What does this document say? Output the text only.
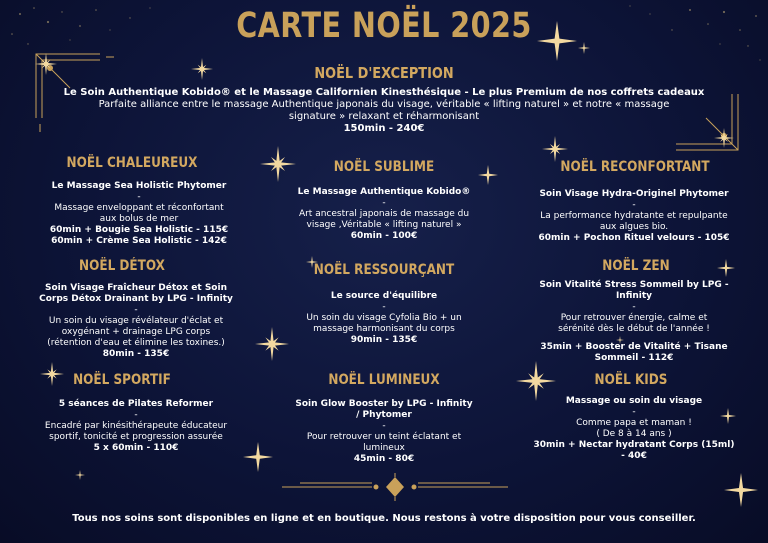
CARTE NOËL 2025
NOËL D'EXCEPTION
Le Soin Authentique Kobido® et le Massage Californien Kinesthésique - Le plus Premium de nos coffrets cadeaux
Parfaite alliance entre le massage Authentique japonais du visage, véritable « lifting naturel » et notre « massage
signature » relaxant et réharmonisant
150min - 240€
NOËL CHALEUREUX
Le Massage Sea Holistic Phytomer
-
Massage enveloppant et réconfortant
aux bolus de mer
60min + Bougie Sea Holistic - 115€
60min + Crème Sea Holistic - 142€
NOËL SUBLIME
Le Massage Authentique Kobido®
-
Art ancestral japonais de massage du
visage ,Véritable « lifting naturel »
60min - 100€
NOËL RECONFORTANT
Soin Visage Hydra-Originel Phytomer
-
La performance hydratante et repulpante
aux algues bio.
60min + Pochon Rituel velours - 105€
NOËL DÉTOX
Soin Visage Fraîcheur Détox et Soin
Corps Détox Drainant by LPG - Infinity
-
Un soin du visage révélateur d'éclat et
oxygénant + drainage LPG corps
(rétention d'eau et élimine les toxines.)
80min - 135€
NOËL RESSOURÇANT
Le source d'équilibre
-
Un soin du visage Cyfolia Bio + un
massage harmonisant du corps
90min - 135€
NOËL ZEN
Soin Vitalité Stress Sommeil by LPG -
Infinity
-
Pour retrouver énergie, calme et
sérénité dès le début de l'année !
35min + Booster de Vitalité + Tisane
Sommeil - 112€
NOËL SPORTIF
5 séances de Pilates Reformer
-
Encadré par kinésithérapeute éducateur
sportif, tonicité et progression assurée
5 x 60min - 110€
NOËL LUMINEUX
Soin Glow Booster by LPG - Infinity
/ Phytomer
-
Pour retrouver un teint éclatant et
lumineux
45min - 80€
NOËL KIDS
Massage ou soin du visage
-
Comme papa et maman !
( De 8 à 14 ans )
30min + Nectar hydratant Corps (15ml)
- 40€
Tous nos soins sont disponibles en ligne et en boutique. Nous restons à votre disposition pour vous conseiller.
